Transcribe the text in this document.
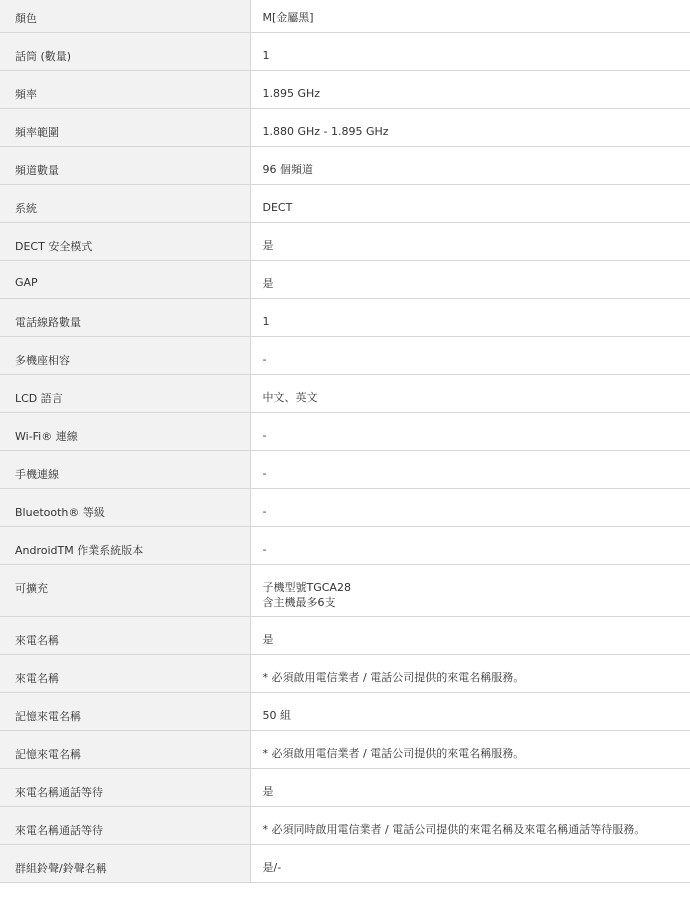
顏色	M[金屬黑]

話筒 (數量)	1

頻率	1.895 GHz

頻率範圍	1.880 GHz - 1.895 GHz

頻道數量	96 個頻道

系統	DECT

DECT 安全模式	是

GAP	是

電話線路數量	1

多機座相容	-

LCD 語言	中文、英文

Wi-Fi® 連線	-

手機連線	-

Bluetooth® 等級	-

AndroidTM 作業系統版本	-

可擴充	子機型號TGCA28
含主機最多6支

來電名稱	是

來電名稱	* 必須啟用電信業者 / 電話公司提供的來電名稱服務。

記憶來電名稱	50 組

記憶來電名稱	* 必須啟用電信業者 / 電話公司提供的來電名稱服務。

來電名稱通話等待	是

來電名稱通話等待	* 必須同時啟用電信業者 / 電話公司提供的來電名稱及來電名稱通話等待服務。

群組鈴聲/鈴聲名稱	是/-
